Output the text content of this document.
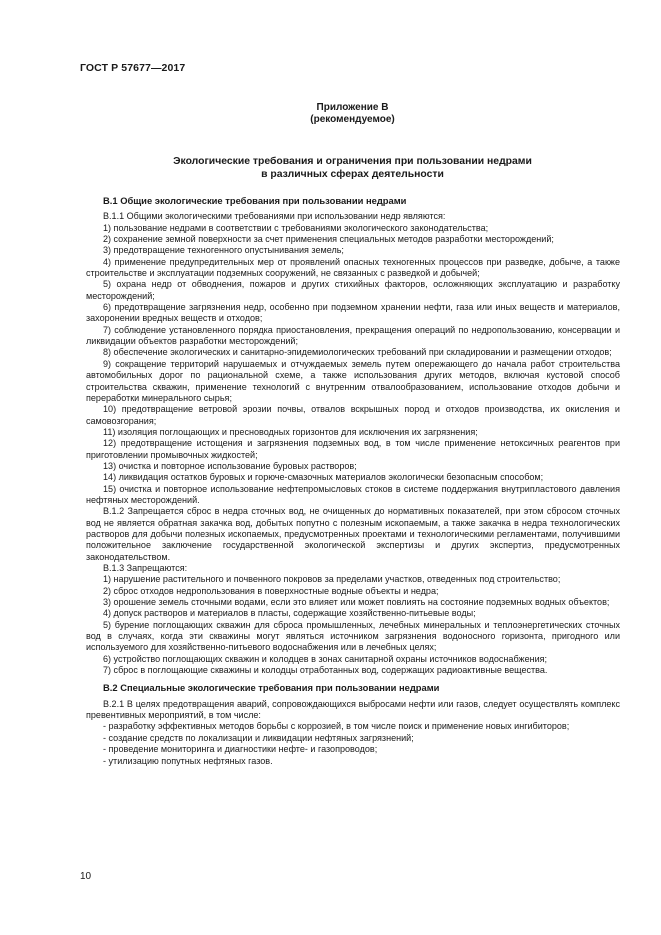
ГОСТ Р 57677—2017
Приложение В
(рекомендуемое)
Экологические требования и ограничения при пользовании недрами
в различных сферах деятельности

В.1 Общие экологические требования при пользовании недрами

В.1.1 Общими экологическими требованиями при использовании недр являются:

1) пользование недрами в соответствии с требованиями экологического законодательства;

2) сохранение земной поверхности за счет применения специальных методов разработки месторождений;

3) предотвращение техногенного опустынивания земель;

4) применение предупредительных мер от проявлений опасных техногенных процессов при разведке, добыче, а также строительстве и эксплуатации подземных сооружений, не связанных с разведкой и добычей;

5) охрана недр от обводнения, пожаров и других стихийных факторов, осложняющих эксплуатацию и разработку месторождений;

6) предотвращение загрязнения недр, особенно при подземном хранении нефти, газа или иных веществ и материалов, захоронении вредных веществ и отходов;

7) соблюдение установленного порядка приостановления, прекращения операций по недропользованию, консервации и ликвидации объектов разработки месторождений;

8) обеспечение экологических и санитарно-эпидемиологических требований при складировании и размещении отходов;

9) сокращение территорий нарушаемых и отчуждаемых земель путем опережающего до начала работ строительства автомобильных дорог по рациональной схеме, а также использования других методов, включая кустовой способ строительства скважин, применение технологий с внутренним отвалообразованием, использование отходов добычи и переработки минерального сырья;

10) предотвращение ветровой эрозии почвы, отвалов вскрышных пород и отходов производства, их окисления и самовозгорания;

11) изоляция поглощающих и пресноводных горизонтов для исключения их загрязнения;

12) предотвращение истощения и загрязнения подземных вод, в том числе применение нетоксичных реагентов при приготовлении промывочных жидкостей;

13) очистка и повторное использование буровых растворов;

14) ликвидация остатков буровых и горюче-смазочных материалов экологически безопасным способом;

15) очистка и повторное использование нефтепромысловых стоков в системе поддержания внутрипластового давления нефтяных месторождений.

В.1.2 Запрещается сброс в недра сточных вод, не очищенных до нормативных показателей, при этом сбросом сточных вод не является обратная закачка вод, добытых попутно с полезным ископаемым, а также закачка в недра технологических растворов для добычи полезных ископаемых, предусмотренных проектами и технологическими регламентами, получившими положительное заключение государственной экологической экспертизы и других экспертиз, предусмотренных законодательством.

В.1.3 Запрещаются:

1) нарушение растительного и почвенного покровов за пределами участков, отведенных под строительство;

2) сброс отходов недропользования в поверхностные водные объекты и недра;

3) орошение земель сточными водами, если это влияет или может повлиять на состояние подземных водных объектов;

4) допуск растворов и материалов в пласты, содержащие хозяйственно-питьевые воды;

5) бурение поглощающих скважин для сброса промышленных, лечебных минеральных и теплоэнергетических сточных вод в случаях, когда эти скважины могут являться источником загрязнения водоносного горизонта, пригодного или используемого для хозяйственно-питьевого водоснабжения или в лечебных целях;

6) устройство поглощающих скважин и колодцев в зонах санитарной охраны источников водоснабжения;

7) сброс в поглощающие скважины и колодцы отработанных вод, содержащих радиоактивные вещества.

В.2 Специальные экологические требования при пользовании недрами

В.2.1 В целях предотвращения аварий, сопровождающихся выбросами нефти или газов, следует осуществлять комплекс превентивных мероприятий, в том числе:

- разработку эффективных методов борьбы с коррозией, в том числе поиск и применение новых ингибиторов;

- создание средств по локализации и ликвидации нефтяных загрязнений;

- проведение мониторинга и диагностики нефте- и газопроводов;

- утилизацию попутных нефтяных газов.

10
